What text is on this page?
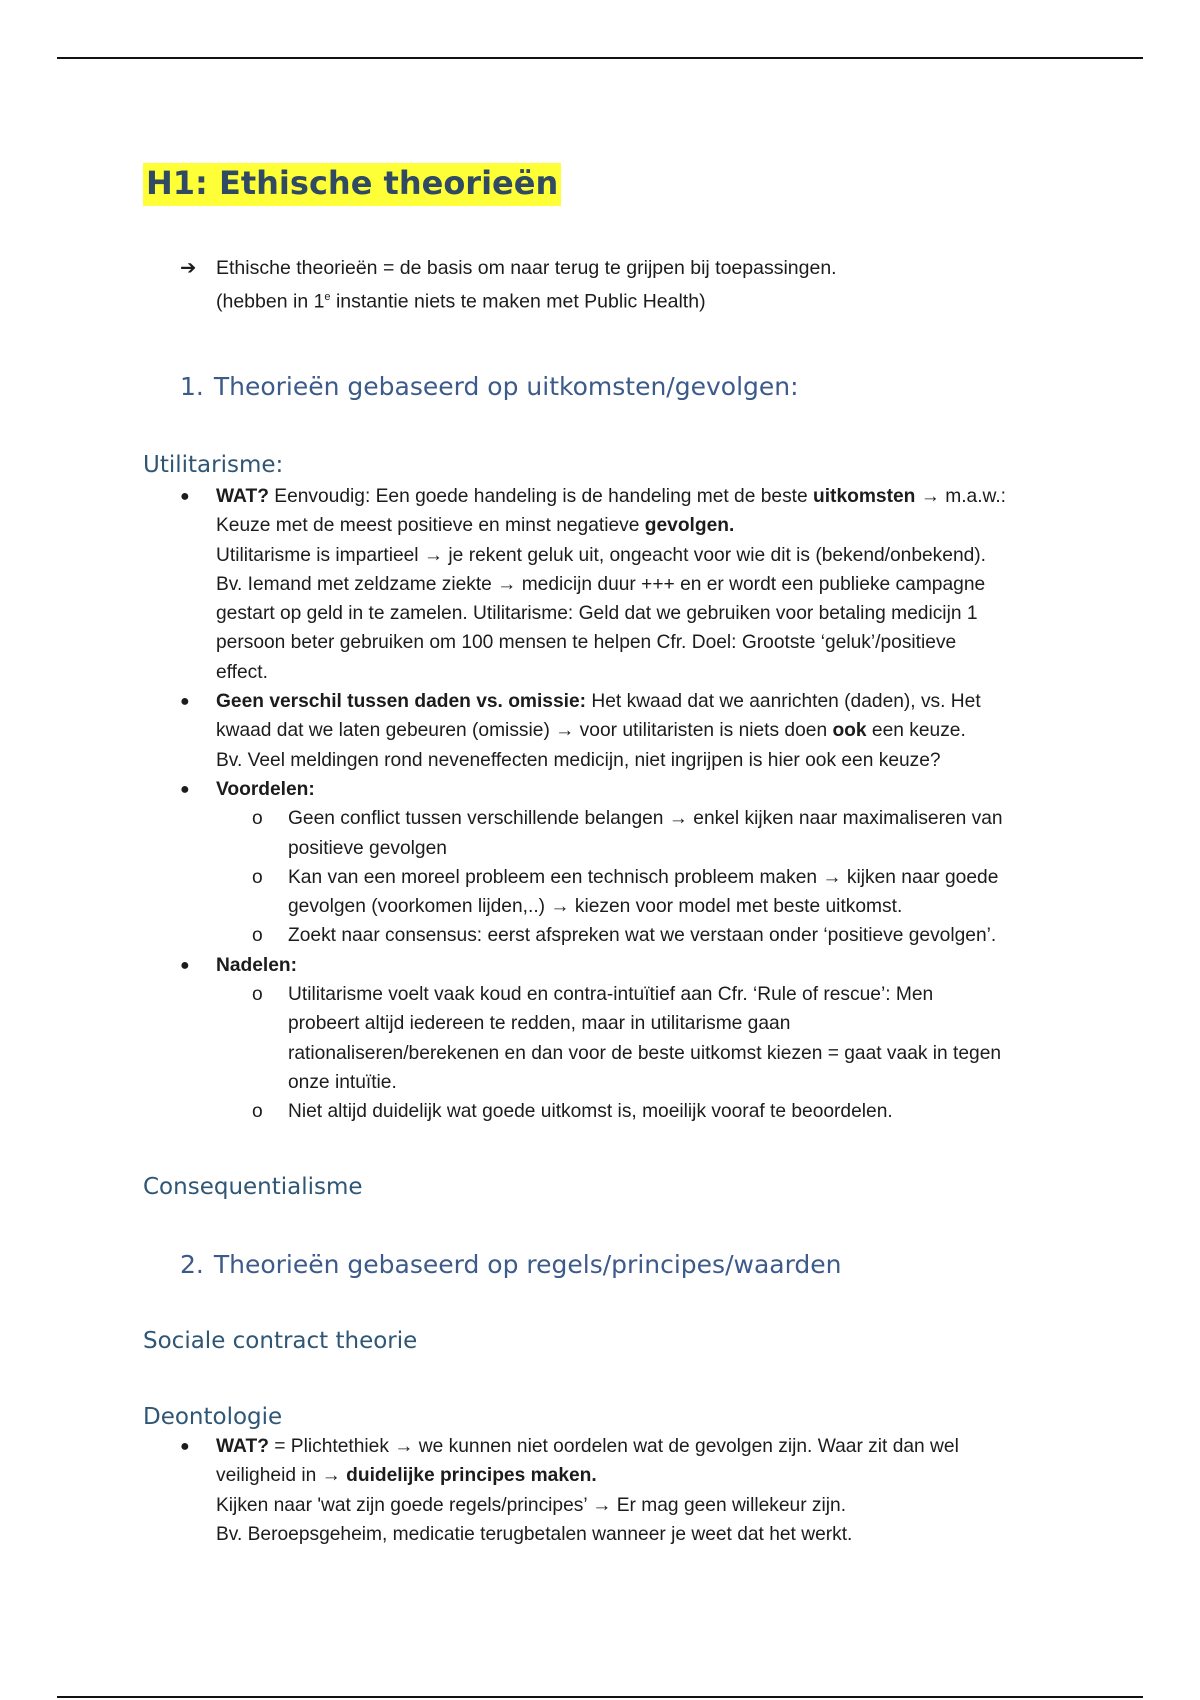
H1: Ethische theorieën
➔ Ethische theorieën = de basis om naar terug te grijpen bij toepassingen.
(hebben in 1e instantie niets te maken met Public Health)
1. Theorieën gebaseerd op uitkomsten/gevolgen:
Utilitarisme:
● WAT? Eenvoudig: Een goede handeling is de handeling met de beste uitkomsten → m.a.w.:
Keuze met de meest positieve en minst negatieve gevolgen.
Utilitarisme is impartieel → je rekent geluk uit, ongeacht voor wie dit is (bekend/onbekend).
Bv. Iemand met zeldzame ziekte → medicijn duur +++ en er wordt een publieke campagne
gestart op geld in te zamelen. Utilitarisme: Geld dat we gebruiken voor betaling medicijn 1
persoon beter gebruiken om 100 mensen te helpen Cfr. Doel: Grootste ‘geluk’/positieve
effect.
● Geen verschil tussen daden vs. omissie: Het kwaad dat we aanrichten (daden), vs. Het
kwaad dat we laten gebeuren (omissie) → voor utilitaristen is niets doen ook een keuze.
Bv. Veel meldingen rond neveneffecten medicijn, niet ingrijpen is hier ook een keuze?
● Voordelen:
o Geen conflict tussen verschillende belangen → enkel kijken naar maximaliseren van
positieve gevolgen
o Kan van een moreel probleem een technisch probleem maken → kijken naar goede
gevolgen (voorkomen lijden,..) → kiezen voor model met beste uitkomst.
o Zoekt naar consensus: eerst afspreken wat we verstaan onder ‘positieve gevolgen’.
● Nadelen:
o Utilitarisme voelt vaak koud en contra-intuïtief aan Cfr. ‘Rule of rescue’: Men
probeert altijd iedereen te redden, maar in utilitarisme gaan
rationaliseren/berekenen en dan voor de beste uitkomst kiezen = gaat vaak in tegen
onze intuïtie.
o Niet altijd duidelijk wat goede uitkomst is, moeilijk vooraf te beoordelen.
Consequentialisme
2. Theorieën gebaseerd op regels/principes/waarden
Sociale contract theorie
Deontologie
● WAT? = Plichtethiek → we kunnen niet oordelen wat de gevolgen zijn. Waar zit dan wel
veiligheid in → duidelijke principes maken.
Kijken naar 'wat zijn goede regels/principes’ → Er mag geen willekeur zijn.
Bv. Beroepsgeheim, medicatie terugbetalen wanneer je weet dat het werkt.
